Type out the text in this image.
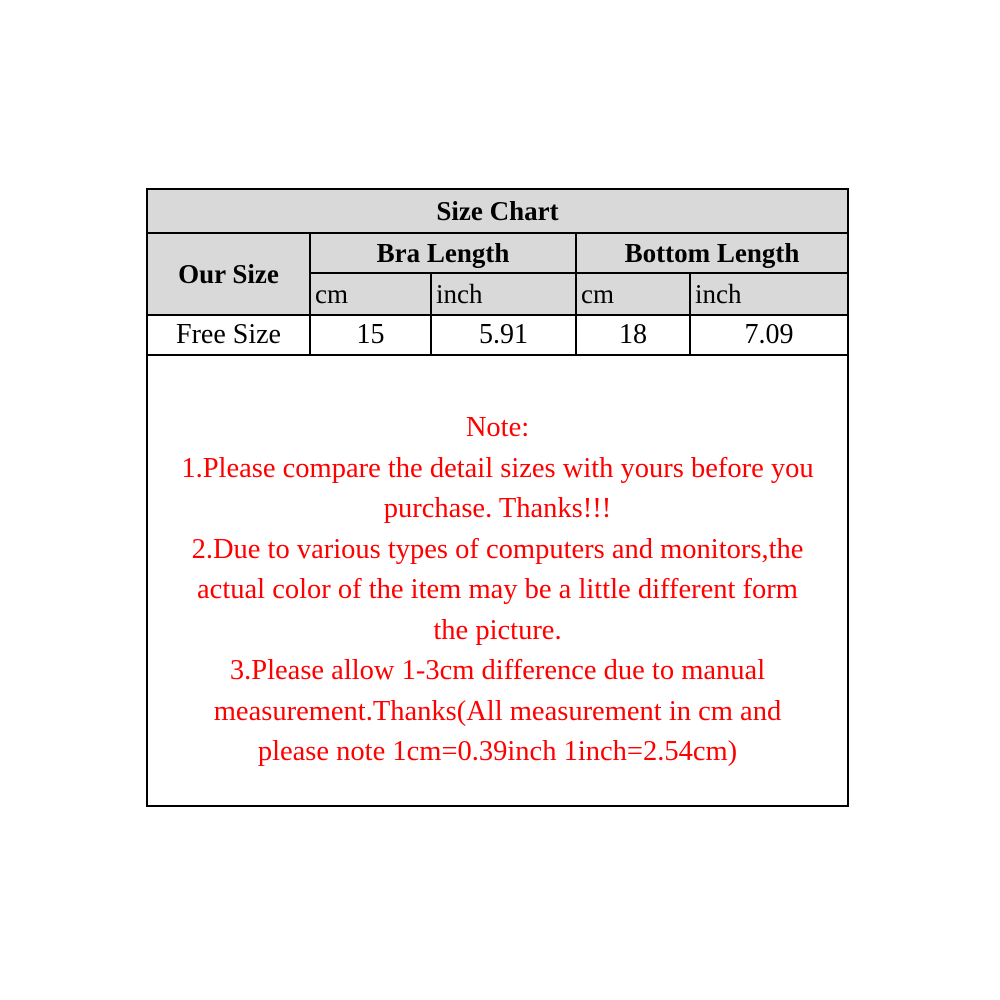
Size Chart
Our Size
Bra Length	Bottom Length
cm	inch	cm	inch
Free Size	15	5.91	18	7.09
Note:
1.Please compare the detail sizes with yours before you
purchase. Thanks!!!
2.Due to various types of computers and monitors,the
actual color of the item may be a little different form
the picture.
3.Please allow 1-3cm difference due to manual
measurement.Thanks(All measurement in cm and
please note 1cm=0.39inch 1inch=2.54cm)
